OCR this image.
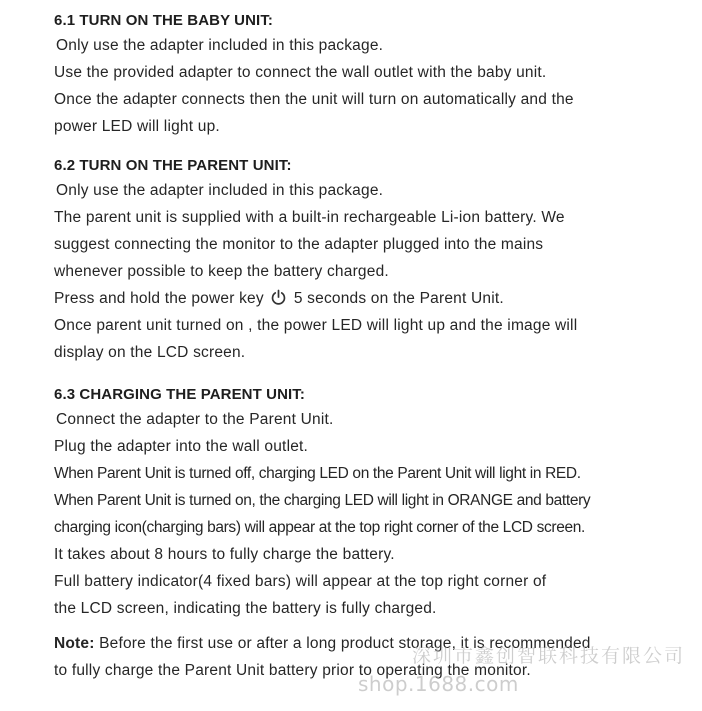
6.1 TURN ON THE BABY UNIT:

Only use the adapter included in this package.

Use the provided adapter to connect the wall outlet with the baby unit.

Once the adapter connects then the unit will turn on automatically and the

power LED will light up.

6.2 TURN ON THE PARENT UNIT:

Only use the adapter included in this package.

The parent unit is supplied with a built-in rechargeable Li-ion battery. We

suggest connecting the monitor to the adapter plugged into the mains

whenever possible to keep the battery charged.

Press and hold the power key 5 seconds on the Parent Unit.

Once parent unit turned on , the power LED will light up and the image will

display on the LCD screen.

6.3 CHARGING THE PARENT UNIT:

Connect the adapter to the Parent Unit.

Plug the adapter into the wall outlet.

When Parent Unit is turned off, charging LED on the Parent Unit will light in RED.

When Parent Unit is turned on, the charging LED will light in ORANGE and battery

charging icon(charging bars) will appear at the top right corner of the LCD screen.

It takes about 8 hours to fully charge the battery.

Full battery indicator(4 fixed bars) will appear at the top right corner of

the LCD screen, indicating the battery is fully charged.

Note: Before the first use or after a long product storage, it is recommended

to fully charge the Parent Unit battery prior to operating the monitor.

深圳市鑫创智联科技有限公司
shop.1688.com
